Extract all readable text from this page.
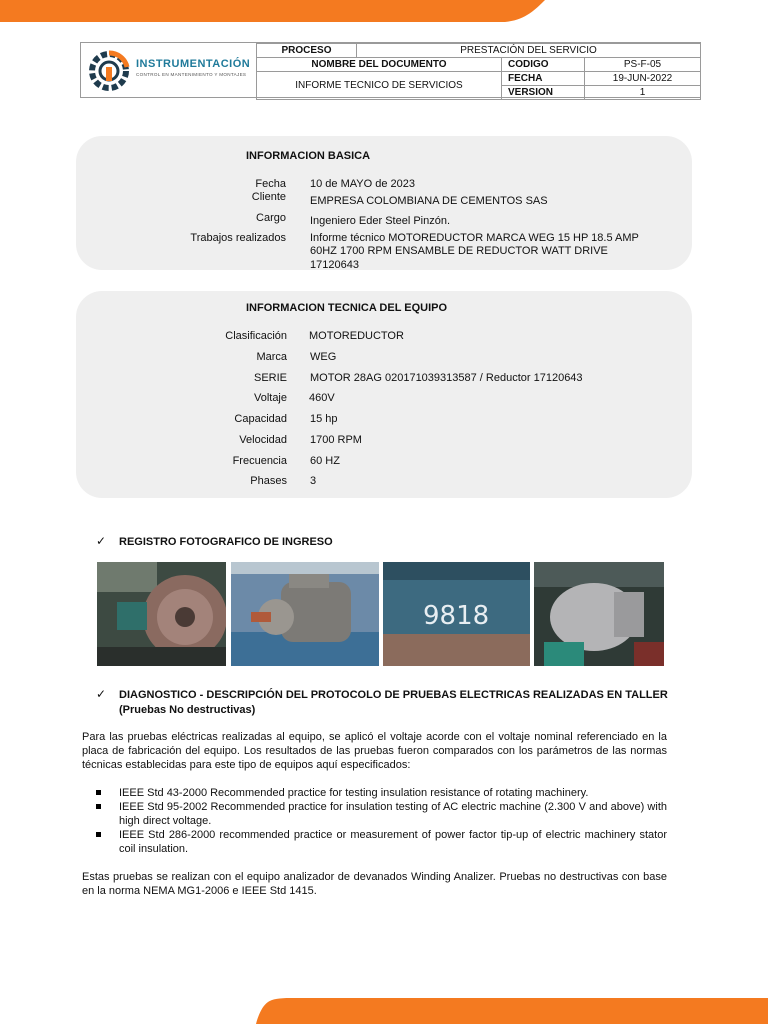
INSTRUMENTACIÓN
CONTROL EN MANTENIMIENTO Y MONTAJES
PROCESO	PRESTACIÓN DEL SERVICIO		
NOMBRE DEL DOCUMENTO		CODIGO	PS-F-05
INFORME TECNICO DE SERVICIOS		FECHA	19-JUN-2022
		VERSION	1
INFORMACION BASICA
Fecha 10 de MAYO de 2023
Cliente EMPRESA COLOMBIANA DE CEMENTOS SAS
Cargo Ingeniero Eder Steel Pinzón.
Trabajos realizados Informe técnico MOTOREDUCTOR MARCA WEG 15 HP 18.5 AMP
60HZ 1700 RPM ENSAMBLE DE REDUCTOR WATT DRIVE
17120643
INFORMACION TECNICA DEL EQUIPO
Clasificación MOTOREDUCTOR
Marca WEG
SERIE MOTOR 28AG 020171039313587 / Reductor 17120643
Voltaje 460V
Capacidad 15 hp
Velocidad 1700 RPM
Frecuencia 60 HZ
Phases 3
✓ REGISTRO FOTOGRAFICO DE INGRESO
9818
✓ DIAGNOSTICO - DESCRIPCIÓN DEL PROTOCOLO DE PRUEBAS ELECTRICAS REALIZADAS EN TALLER
(Pruebas No destructivas)
Para las pruebas eléctricas realizadas al equipo, se aplicó el voltaje acorde con el voltaje nominal referenciado en la placa de fabricación del equipo. Los resultados de las pruebas fueron comparados con los parámetros de las normas técnicas establecidas para este tipo de equipos aquí especificados:
IEEE Std 43-2000 Recommended practice for testing insulation resistance of rotating machinery.
IEEE Std 95-2002 Recommended practice for insulation testing of AC electric machine (2.300 V and above) with high direct voltage.
IEEE Std 286-2000 recommended practice or measurement of power factor tip-up of electric machinery stator coil insulation.
Estas pruebas se realizan con el equipo analizador de devanados Winding Analizer. Pruebas no destructivas con base en la norma NEMA MG1-2006 e IEEE Std 1415.
